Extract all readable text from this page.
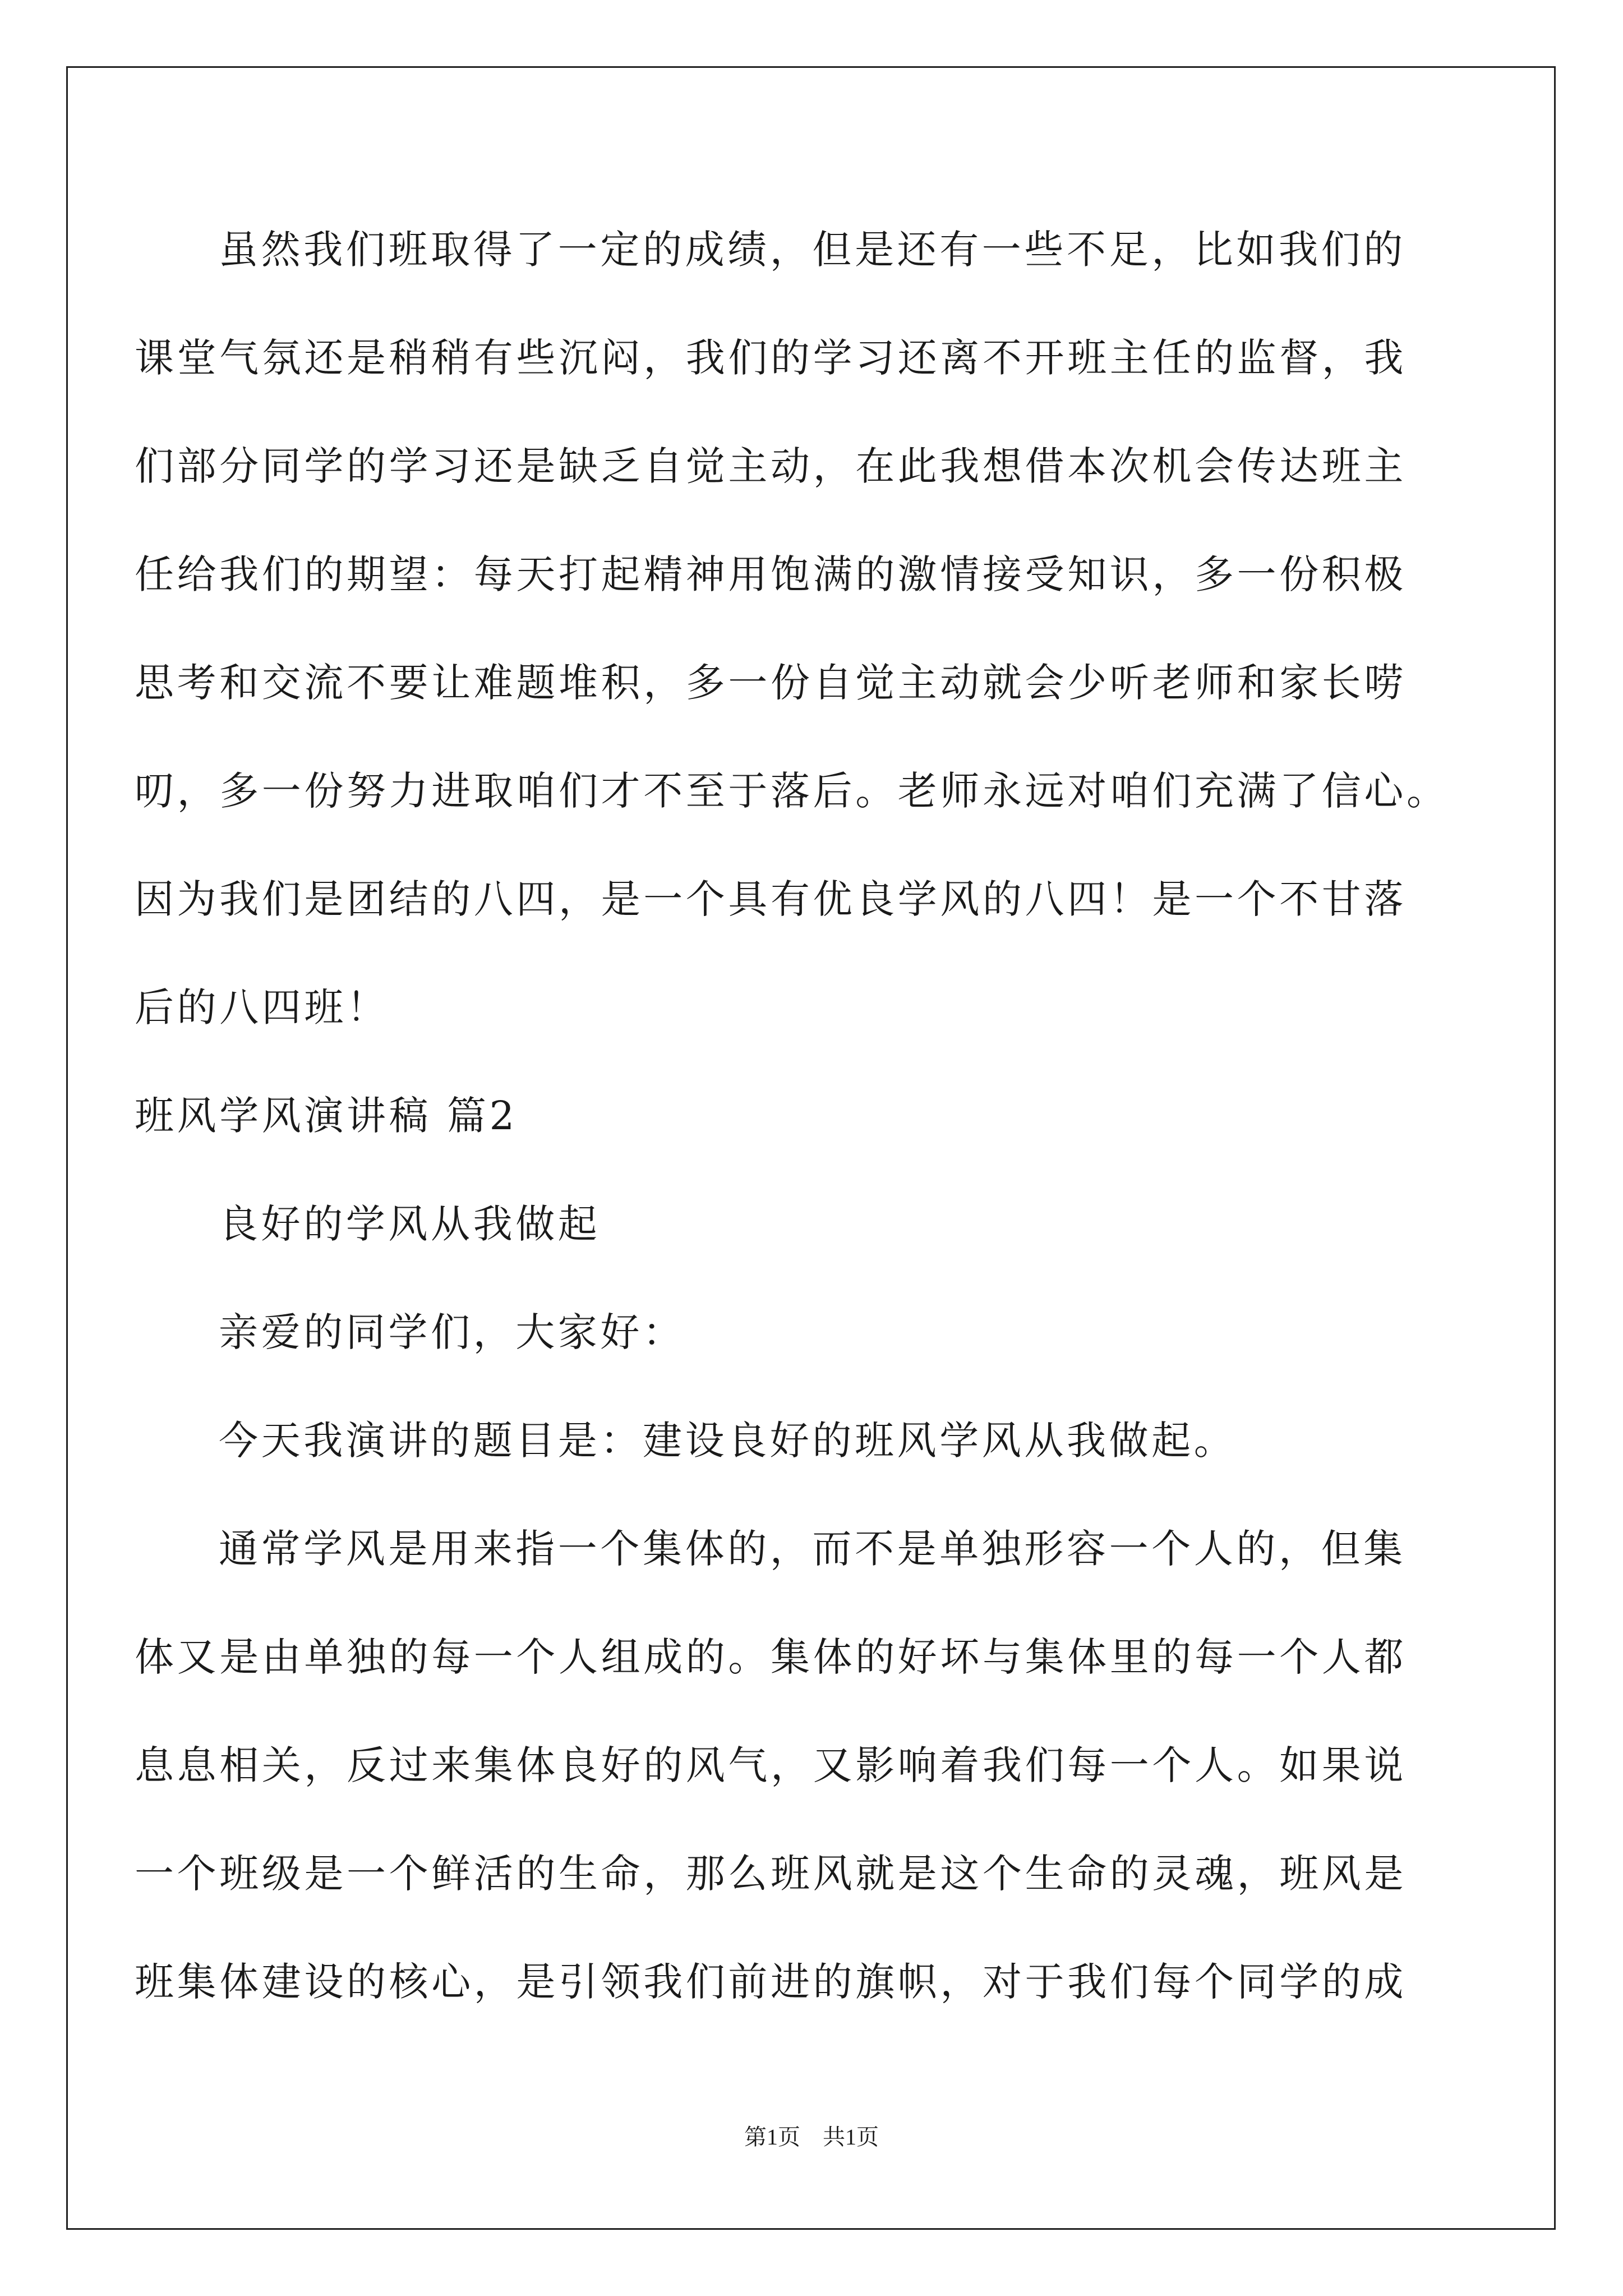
虽然我们班取得了一定的成绩，但是还有一些不足，比如我们的
课堂气氛还是稍稍有些沉闷，我们的学习还离不开班主任的监督，我
们部分同学的学习还是缺乏自觉主动，在此我想借本次机会传达班主
任给我们的期望：每天打起精神用饱满的激情接受知识，多一份积极
思考和交流不要让难题堆积，多一份自觉主动就会少听老师和家长唠
叨，多一份努力进取咱们才不至于落后。老师永远对咱们充满了信心。
因为我们是团结的八四，是一个具有优良学风的八四！是一个不甘落
后的八四班！
班风学风演讲稿 篇2
良好的学风从我做起
亲爱的同学们，大家好：
今天我演讲的题目是：建设良好的班风学风从我做起。
通常学风是用来指一个集体的，而不是单独形容一个人的，但集
体又是由单独的每一个人组成的。集体的好坏与集体里的每一个人都
息息相关，反过来集体良好的风气，又影响着我们每一个人。如果说
一个班级是一个鲜活的生命，那么班风就是这个生命的灵魂，班风是
班集体建设的核心，是引领我们前进的旗帜，对于我们每个同学的成
第1页 共1页
